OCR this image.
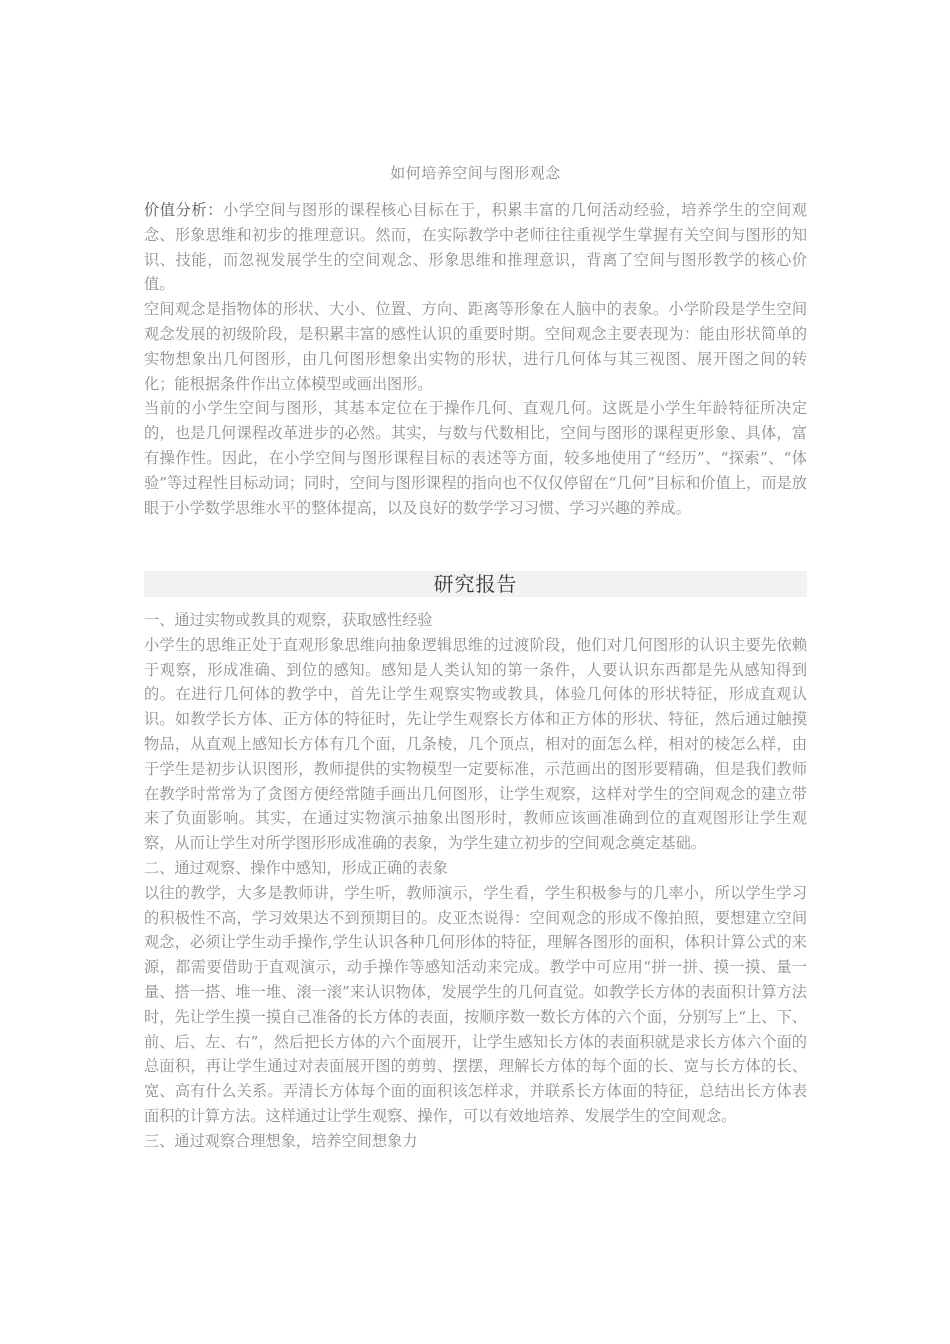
如何培养空间与图形观念

价值分析：小学空间与图形的课程核心目标在于，积累丰富的几何活动经验，培养学生的空间观念、形象思维和初步的推理意识。然而，在实际教学中老师往往重视学生掌握有关空间与图形的知识、技能，而忽视发展学生的空间观念、形象思维和推理意识，背离了空间与图形教学的核心价值。

空间观念是指物体的形状、大小、位置、方向、距离等形象在人脑中的表象。小学阶段是学生空间观念发展的初级阶段，是积累丰富的感性认识的重要时期。空间观念主要表现为：能由形状简单的实物想象出几何图形，由几何图形想象出实物的形状，进行几何体与其三视图、展开图之间的转化；能根据条件作出立体模型或画出图形。

当前的小学生空间与图形，其基本定位在于操作几何、直观几何。这既是小学生年龄特征所决定的，也是几何课程改革进步的必然。其实，与数与代数相比，空间与图形的课程更形象、具体，富有操作性。因此，在小学空间与图形课程目标的表述等方面，较多地使用了“经历”、“探索”、“体验”等过程性目标动词；同时，空间与图形课程的指向也不仅仅停留在“几何”目标和价值上，而是放眼于小学数学思维水平的整体提高，以及良好的数学学习习惯、学习兴趣的养成。

研究报告

一、通过实物或教具的观察，获取感性经验

小学生的思维正处于直观形象思维向抽象逻辑思维的过渡阶段，他们对几何图形的认识主要先依赖于观察，形成准确、到位的感知。感知是人类认知的第一条件，人要认识东西都是先从感知得到的。在进行几何体的教学中，首先让学生观察实物或教具，体验几何体的形状特征，形成直观认识。如教学长方体、正方体的特征时，先让学生观察长方体和正方体的形状、特征，然后通过触摸物品，从直观上感知长方体有几个面，几条棱，几个顶点，相对的面怎么样，相对的棱怎么样，由于学生是初步认识图形，教师提供的实物模型一定要标准，示范画出的图形要精确，但是我们教师在教学时常常为了贪图方便经常随手画出几何图形，让学生观察，这样对学生的空间观念的建立带来了负面影响。其实，在通过实物演示抽象出图形时，教师应该画准确到位的直观图形让学生观察，从而让学生对所学图形形成准确的表象，为学生建立初步的空间观念奠定基础。

二、通过观察、操作中感知，形成正确的表象

以往的教学，大多是教师讲，学生听，教师演示，学生看，学生积极参与的几率小，所以学生学习的积极性不高，学习效果达不到预期目的。皮亚杰说得：空间观念的形成不像拍照，要想建立空间观念，必须让学生动手操作,学生认识各种几何形体的特征，理解各图形的面积，体积计算公式的来源，都需要借助于直观演示，动手操作等感知活动来完成。教学中可应用“拼一拼、摸一摸、量一量、搭一搭、堆一堆、滚一滚”来认识物体，发展学生的几何直觉。如教学长方体的表面积计算方法时，先让学生摸一摸自己准备的长方体的表面，按顺序数一数长方体的六个面，分别写上“上、下、前、后、左、右”，然后把长方体的六个面展开，让学生感知长方体的表面积就是求长方体六个面的总面积，再让学生通过对表面展开图的剪剪、摆摆，理解长方体的每个面的长、宽与长方体的长、宽、高有什么关系。弄清长方体每个面的面积该怎样求，并联系长方体面的特征，总结出长方体表面积的计算方法。这样通过让学生观察、操作，可以有效地培养、发展学生的空间观念。

三、通过观察合理想象，培养空间想象力
